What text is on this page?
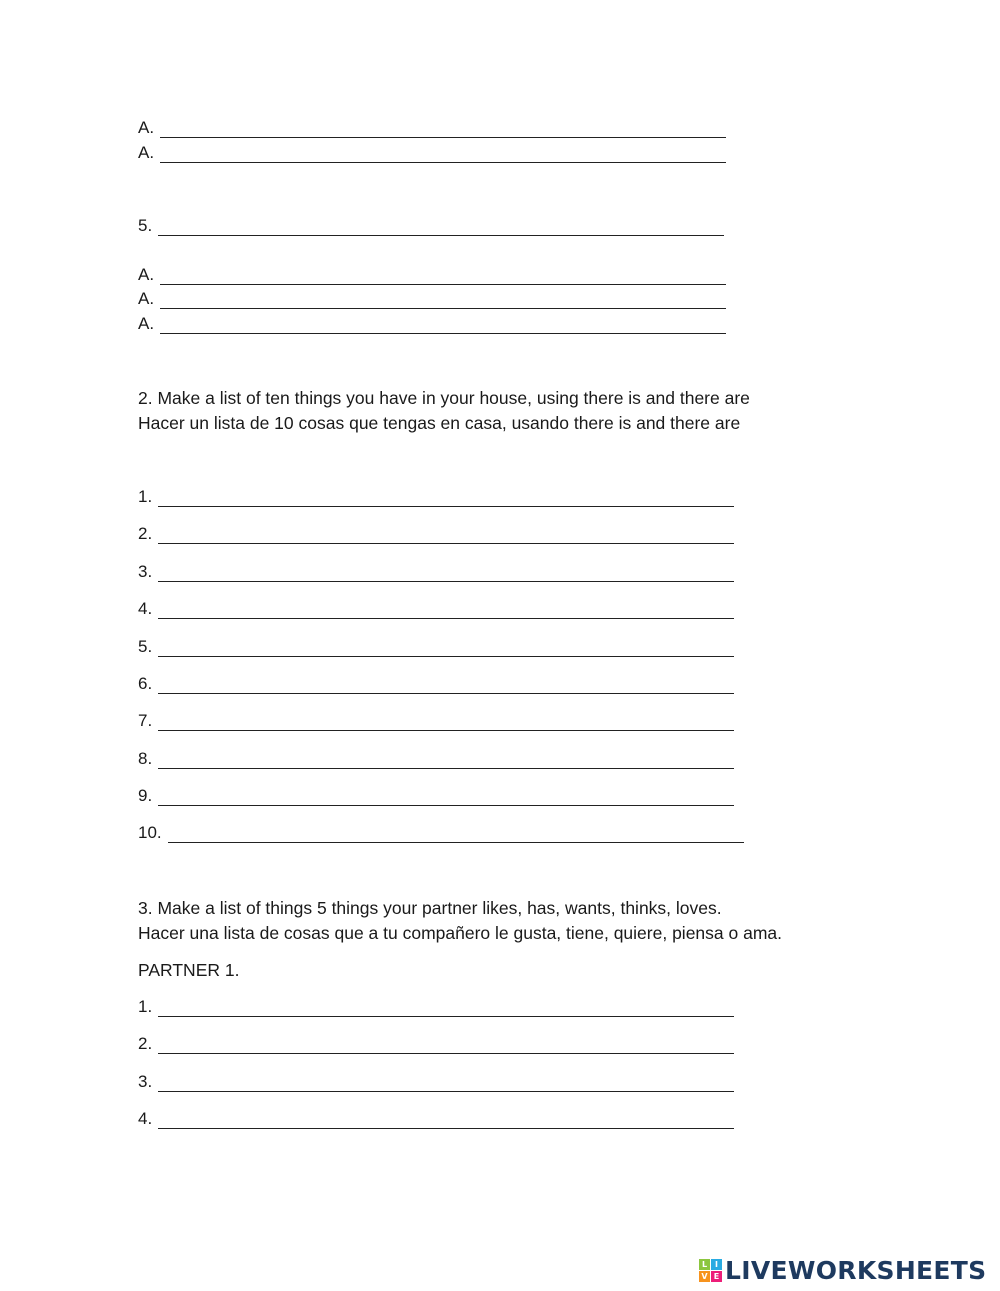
A.
A.
5.
A.
A.
A.
2. Make a list of ten things you have in your house, using there is and there are
Hacer un lista de 10 cosas que tengas en casa, usando there is and there are
1.
2.
3.
4.
5.
6.
7.
8.
9.
10.
3. Make a list of things 5 things your partner likes, has, wants, thinks, loves.
Hacer una lista de cosas que a tu compañero le gusta, tiene, quiere, piensa o ama.
PARTNER 1.
1.
2.
3.
4.
L I
V E LIVEWORKSHEETS
